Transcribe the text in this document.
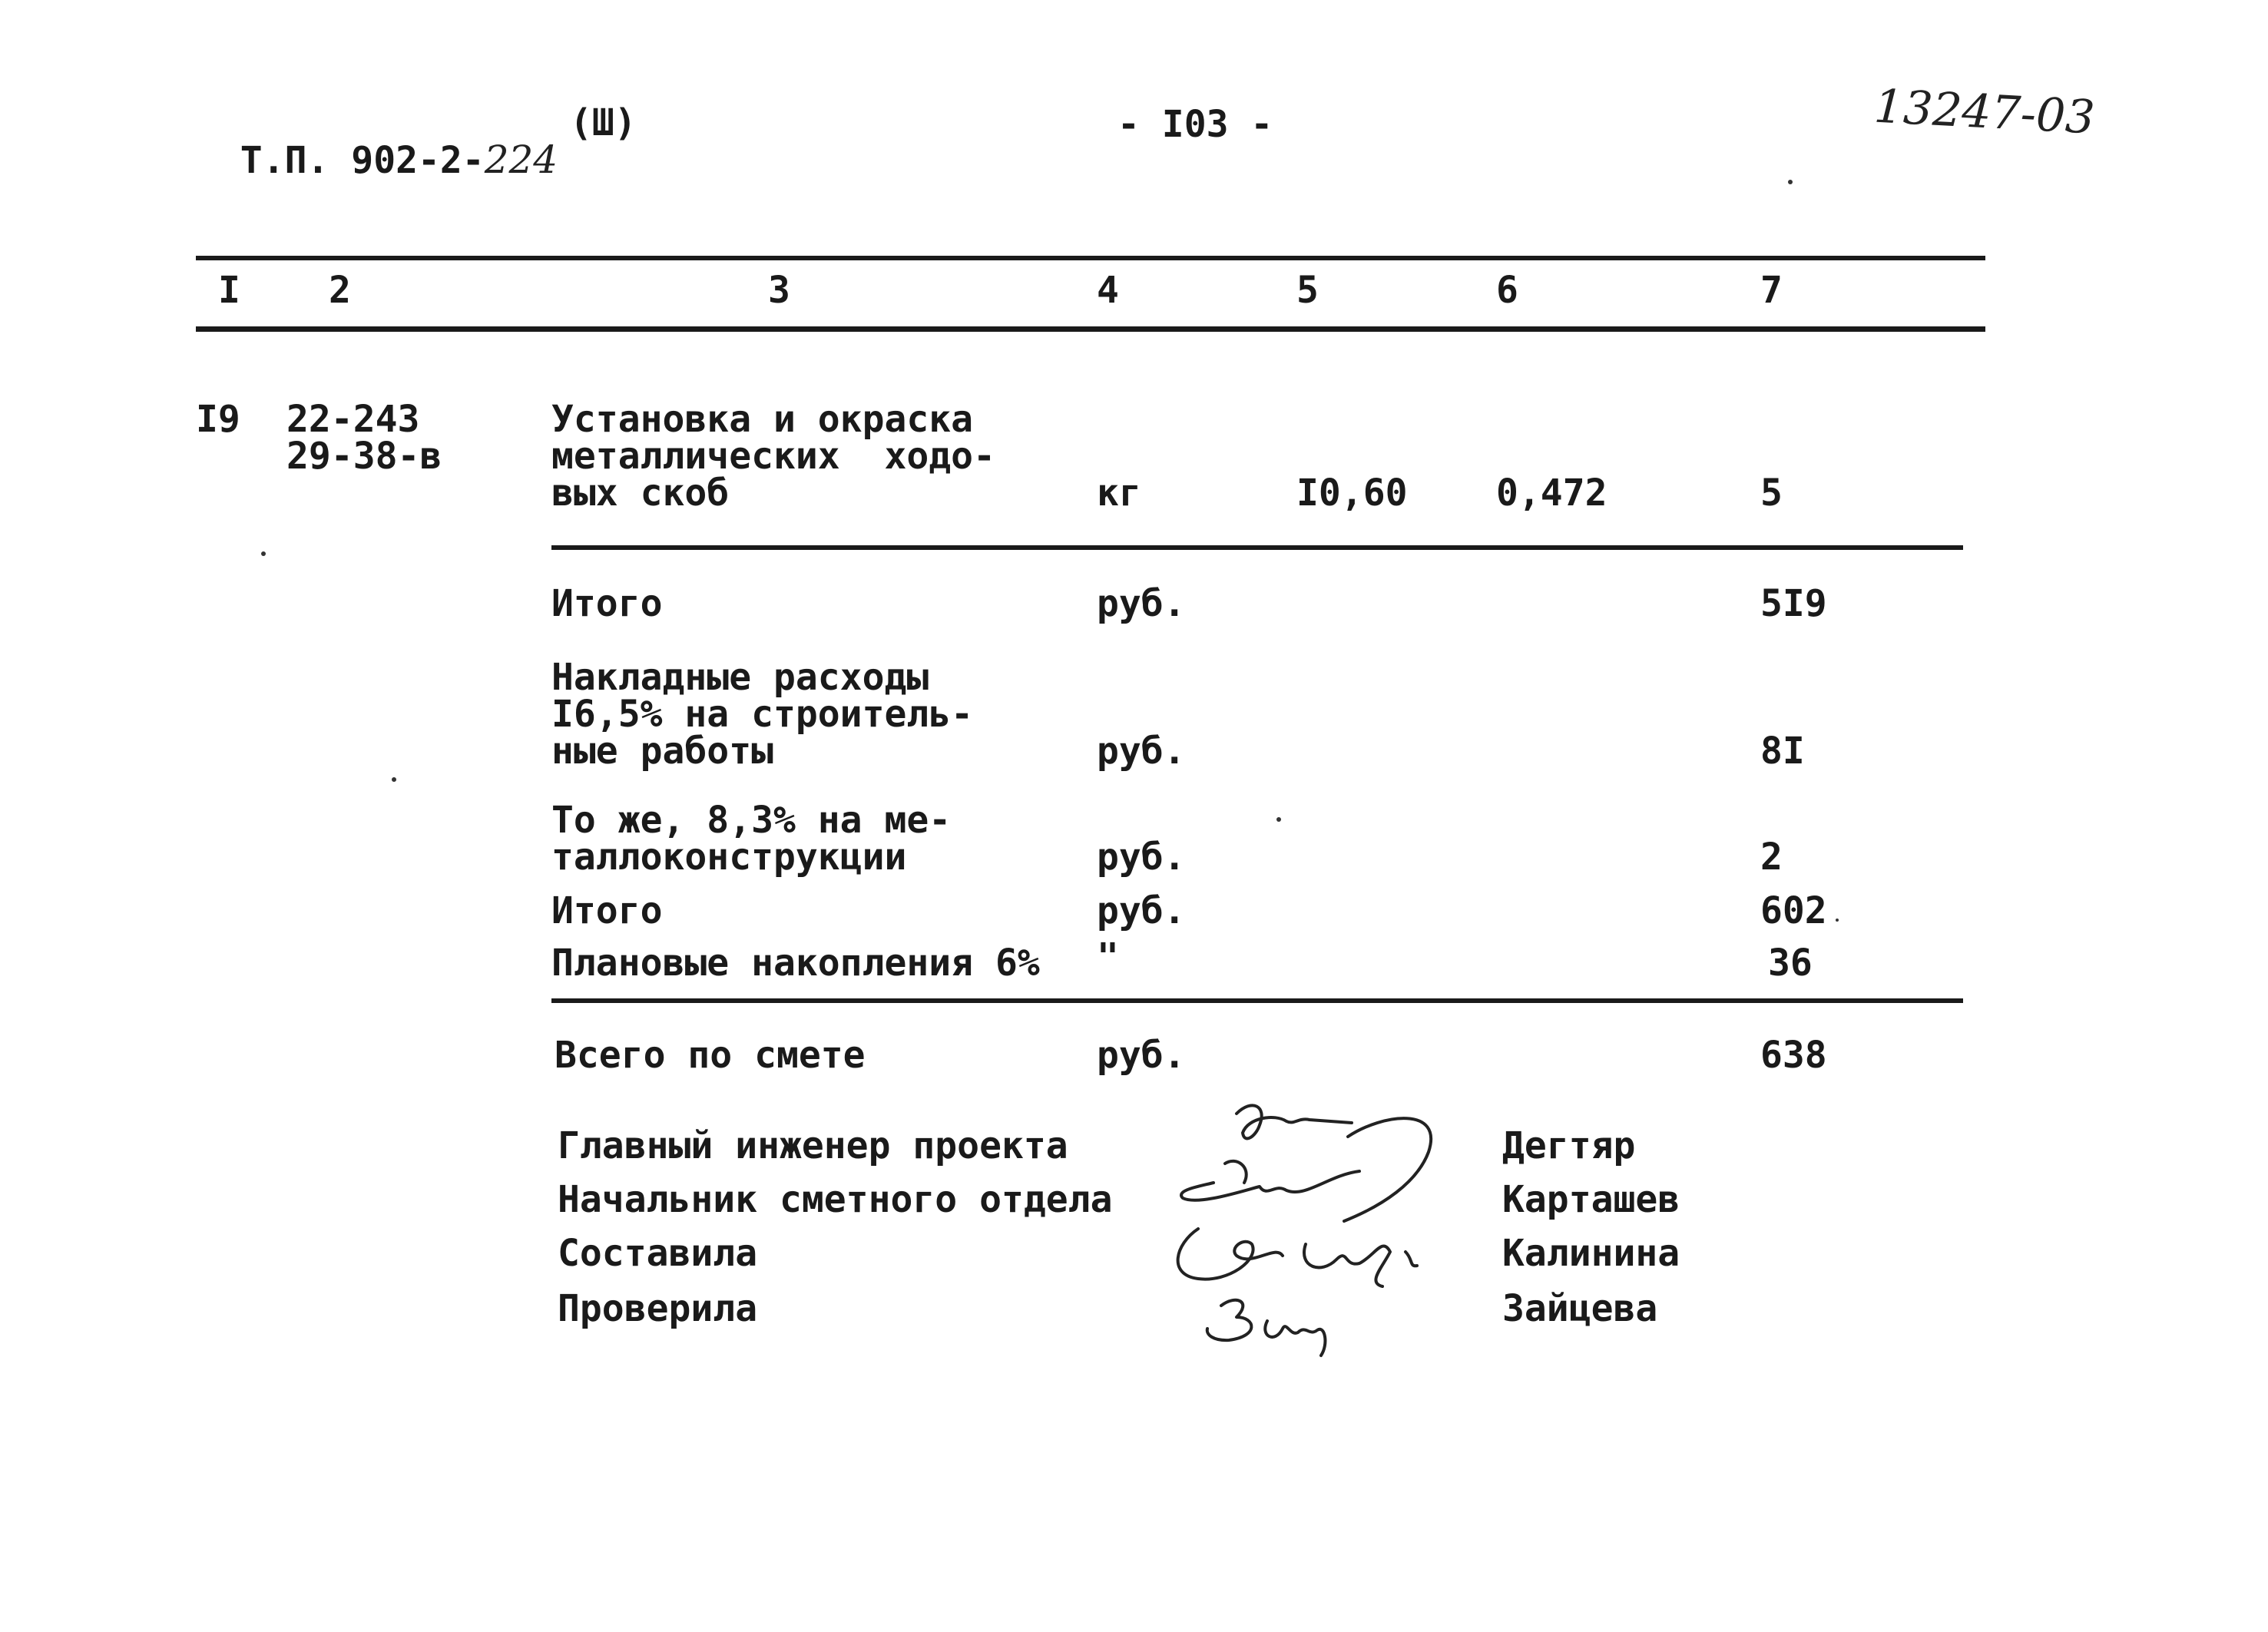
Т.П. 902-2-224

(Ш)	- I03 -	13247-03
I 2	3	4	5	6	7
I9 22-243
29-38-в
Установка и окраска
металлических  ходо-
вых скоб	кг	I0,60 0,472	5
Итого	руб.	5I9
Накладные расходы
I6,5% на строитель-
ные работы	руб.	8I
То же, 8,3% на ме-
таллоконструкции	руб.	2
Итого	руб.	602
Плановые накопления 6% "	36
Всего по смете	руб.	638
Главный инженер проекта	Дегтяр
Начальник сметного отдела	Карташев
Составила	Калинина
Проверила	Зайцева
